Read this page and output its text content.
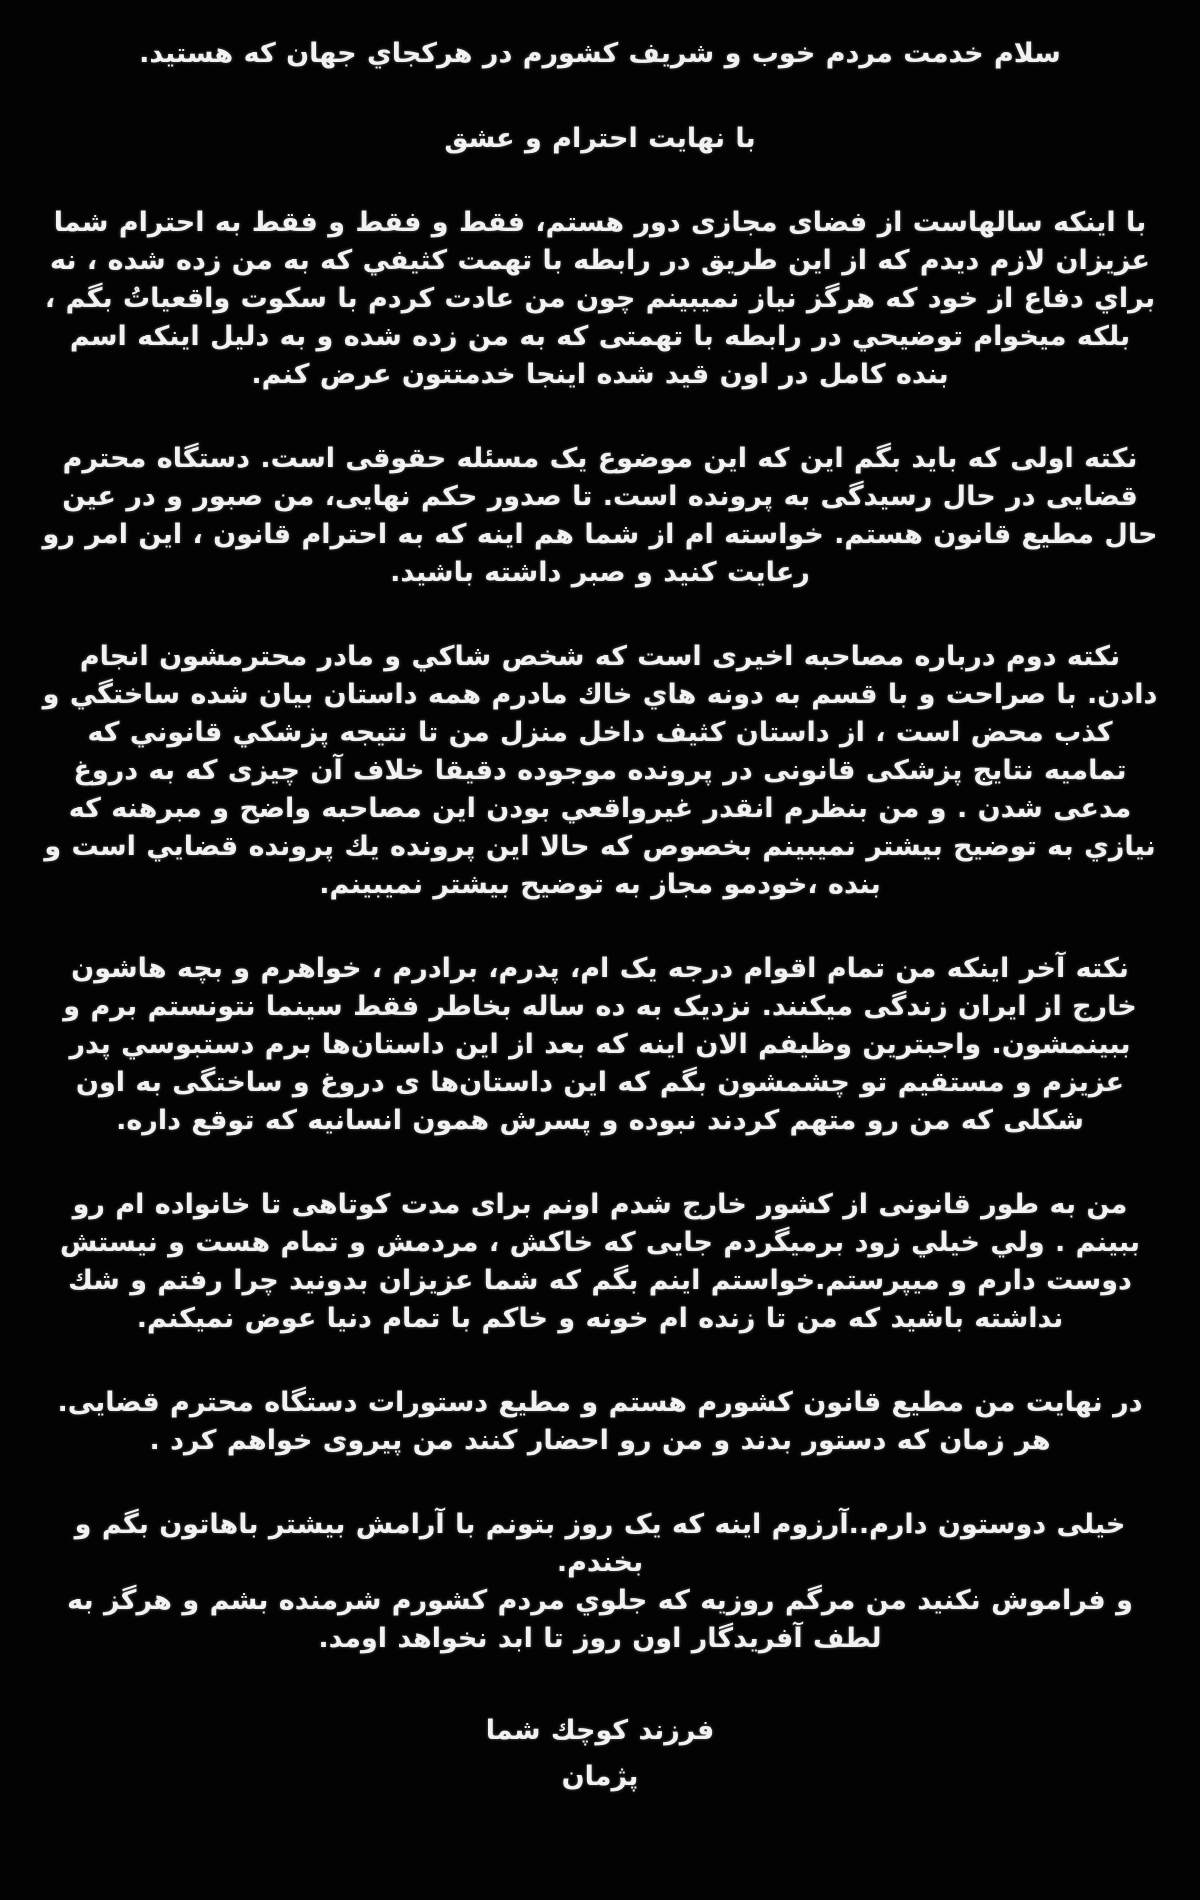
سلام خدمت مردم خوب و شریف کشورم در هرکجاي جهان که هستید.

با نهایت احترام و عشق

با اینکه سالهاست از فضای مجازی دور هستم، فقط و فقط و فقط به احترام شما عزیزان لازم دیدم که از این طریق در رابطه با تهمت کثیفي که به من زده شده ، نه براي دفاع از خود که هرگز نیاز نمیبینم چون من عادت کردم با سکوت واقعیاتُ بگم ، بلکه میخوام توضیحي در رابطه با تهمتی که به من زده شده و به دلیل اینکه اسم بنده کامل در اون قید شده اینجا خدمتتون عرض کنم.

نکته اولی که باید بگم این که این موضوع یک مسئله حقوقی است. دستگاه محترم قضایی در حال رسیدگی به پرونده است. تا صدور حکم نهایی، من صبور و در عین حال مطیع قانون هستم. خواسته ام از شما هم اینه که به احترام قانون ، این امر رو رعایت کنید و صبر داشته باشید.

نکته دوم درباره مصاحبه اخیری است که شخص شاکي و مادر محترمشون انجام دادن. با صراحت و با قسم به دونه هاي خاك مادرم همه داستان بیان شده ساختگي و کذب محض است ، از داستان کثیف داخل منزل من تا نتیجه پزشکي قانوني که تمامیه نتایج پزشکی قانونی در پرونده موجوده دقیقا خلاف آن چیزی که به دروغ مدعی شدن . و من بنظرم انقدر غیرواقعي بودن این مصاحبه واضح و مبرهنه که نیازي به توضیح بیشتر نمیبینم بخصوص که حالا این پرونده یك پرونده قضایي است و بنده ،خودمو مجاز به توضیح بیشتر نمیبینم.

نکته آخر اینکه من تمام اقوام درجه یک ام، پدرم، برادرم ، خواهرم و بچه هاشون خارج از ایران زندگی میکنند. نزدیک به ده ساله بخاطر فقط سینما نتونستم برم و ببینمشون. واجبترین وظیفم الان اینه که بعد از این داستان‌ها برم دستبوسي پدر عزیزم و مستقیم تو چشمشون بگم که این داستان‌ها ی دروغ و ساختگی به اون شکلی که من رو متهم کردند نبوده و پسرش همون انسانیه که توقع داره.

من به طور قانونی از کشور خارج شدم اونم برای مدت کوتاهی تا خانواده ام رو ببینم . ولي خیلي زود برمیگردم جایی که خاکش ، مردمش و تمام هست و نیستش دوست دارم و میپرستم.خواستم اینم بگم که شما عزیزان بدونید چرا رفتم و شك نداشته باشید که من تا زنده ام خونه و خاکم با تمام دنیا عوض نمیکنم.

در نهایت من مطیع قانون کشورم هستم و مطیع دستورات دستگاه محترم قضایی. هر زمان که دستور بدند و من رو احضار کنند من پیروی خواهم کرد .

خیلی دوستون دارم..آرزوم اینه که یک روز بتونم با آرامش بیشتر باهاتون بگم و بخندم.

و فراموش نکنید من مرگم روزیه که جلوي مردم کشورم شرمنده بشم و هرگز به لطف آفریدگار اون روز تا ابد نخواهد اومد.

فرزند کوچك شما

پژمان
